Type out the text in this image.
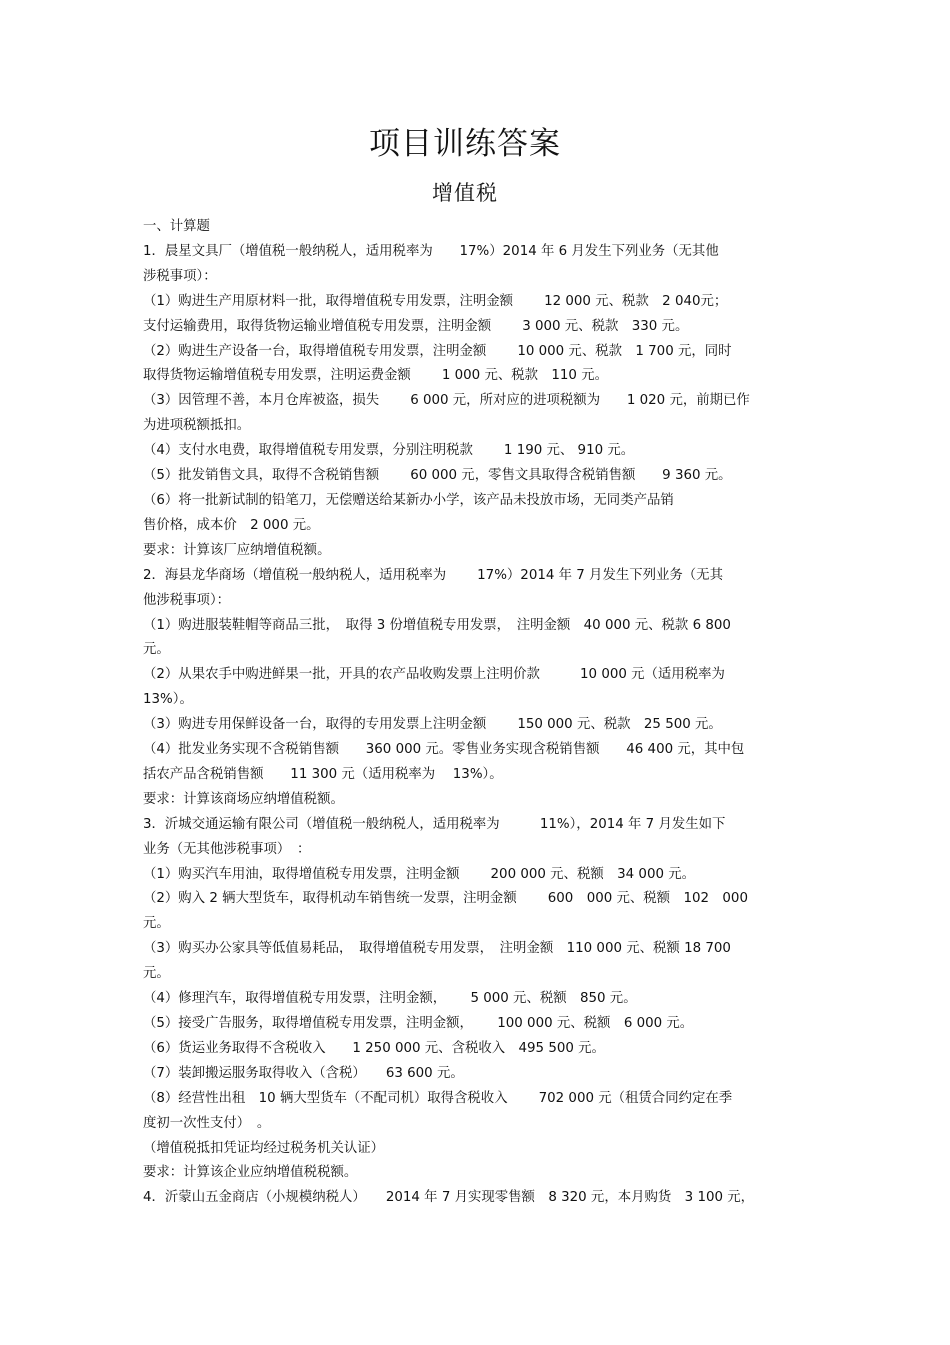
项目训练答案
增值税

一、计算题

1．晨星文具厂（增值税一般纳税人，适用税率为　　17%）2014 年 6 月发生下列业务（无其他

涉税事项）：

（1）购进生产用原材料一批，取得增值税专用发票，注明金额　　 12 000 元、税款　2 040元；

支付运输费用，取得货物运输业增值税专用发票，注明金额　　 3 000 元、税款　330 元。

（2）购进生产设备一台，取得增值税专用发票，注明金额　　 10 000 元、税款　1 700 元，同时

取得货物运输增值税专用发票，注明运费金额　　 1 000 元、税款　110 元。

（3）因管理不善，本月仓库被盗，损失　　 6 000 元，所对应的进项税额为　　1 020 元，前期已作

为进项税额抵扣。

（4）支付水电费，取得增值税专用发票，分别注明税款　　 1 190 元、 910 元。

（5）批发销售文具，取得不含税销售额　　 60 000 元，零售文具取得含税销售额　　9 360 元。

（6）将一批新试制的铅笔刀，无偿赠送给某新办小学，该产品未投放市场，无同类产品销

售价格，成本价　2 000 元。

要求：计算该厂应纳增值税额。

2．海县龙华商场（增值税一般纳税人，适用税率为　　 17%）2014 年 7 月发生下列业务（无其

他涉税事项）：

（1）购进服装鞋帽等商品三批，　取得 3 份增值税专用发票，　注明金额　40 000 元、税款 6 800

元。

（2）从果农手中购进鲜果一批，开具的农产品收购发票上注明价款　　　10 000 元（适用税率为

13%）。

（3）购进专用保鲜设备一台，取得的专用发票上注明金额　　 150 000 元、税款　25 500 元。

（4）批发业务实现不含税销售额　　360 000 元。零售业务实现含税销售额　　46 400 元，其中包

括农产品含税销售额　　11 300 元（适用税率为　 13%）。

要求：计算该商场应纳增值税额。

3．沂城交通运输有限公司（增值税一般纳税人，适用税率为　　　11%），2014 年 7 月发生如下

业务（无其他涉税事项）　：

（1）购买汽车用油，取得增值税专用发票，注明金额　　 200 000 元、税额　34 000 元。

（2）购入 2 辆大型货车，取得机动车销售统一发票，注明金额　　 600　000 元、税额　102　000

元。

（3）购买办公家具等低值易耗品，　取得增值税专用发票，　注明金额　110 000 元、税额 18 700

元。

（4）修理汽车，取得增值税专用发票，注明金额，　　 5 000 元、税额　850 元。

（5）接受广告服务，取得增值税专用发票，注明金额，　　 100 000 元、税额　6 000 元。

（6）货运业务取得不含税收入　　1 250 000 元、含税收入　495 500 元。

（7）装卸搬运服务取得收入（含税）　　63 600 元。

（8）经营性出租　10 辆大型货车（不配司机）取得含税收入　　 702 000 元（租赁合同约定在季

度初一次性支付）　。

（增值税抵扣凭证均经过税务机关认证）

要求：计算该企业应纳增值税税额。

4．沂蒙山五金商店（小规模纳税人）　　2014 年 7 月实现零售额　8 320 元，本月购货　3 100 元，
